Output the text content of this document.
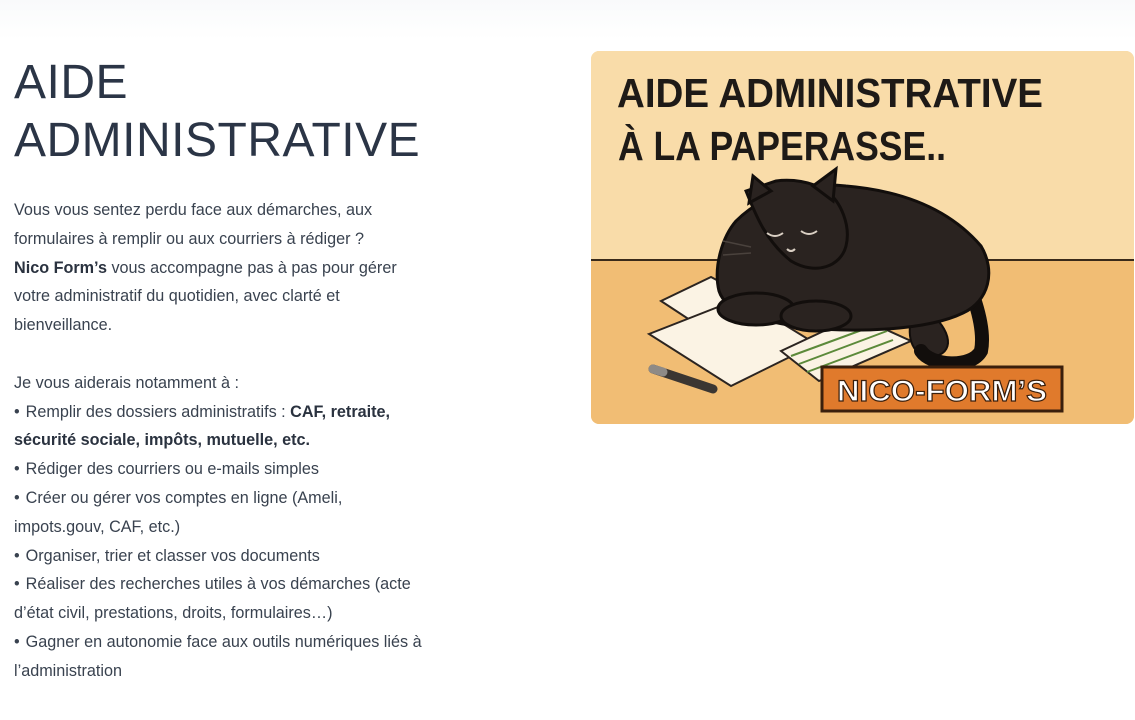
AIDE
ADMINISTRATIVE
Vous vous sentez perdu face aux démarches, aux
formulaires à remplir ou aux courriers à rédiger ?
Nico Form’s vous accompagne pas à pas pour gérer
votre administratif du quotidien, avec clarté et
bienveillance.
Je vous aiderais notamment à :
• Remplir des dossiers administratifs : CAF, retraite,
sécurité sociale, impôts, mutuelle, etc.
• Rédiger des courriers ou e-mails simples
• Créer ou gérer vos comptes en ligne (Ameli,
impots.gouv, CAF, etc.)
• Organiser, trier et classer vos documents
• Réaliser des recherches utiles à vos démarches (acte
d’état civil, prestations, droits, formulaires…)
• Gagner en autonomie face aux outils numériques liés à
l’administration
AIDE ADMINISTRATIVE
À LA PAPERASSE..
NICO-FORM’S
